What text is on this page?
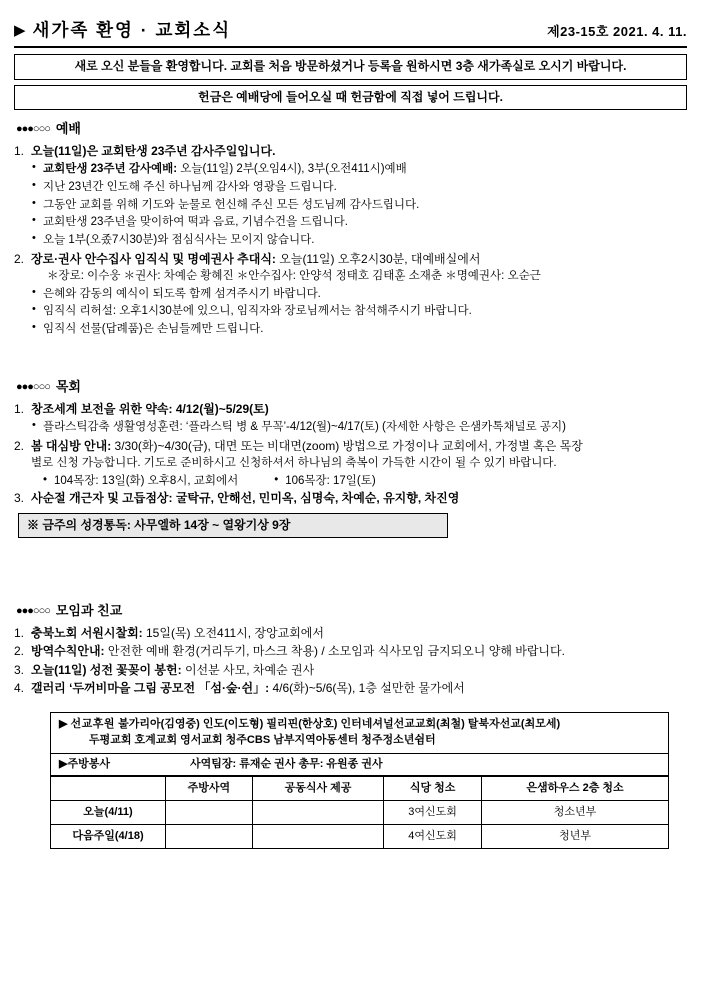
▶ 새가족 환영 · 교회소식	제23-15호 2021. 4. 11.
새로 오신 분들을 환영합니다. 교회를 처음 방문하셨거나 등록을 원하시면 3층 새가족실로 오시기 바랍니다.
헌금은 예배당에 들어오실 때 헌금함에 직접 넣어 드립니다.
●●●○○○ 예배
1. 오늘(11일)은 교회탄생 23주년 감사주일입니다.
• 교회탄생 23주년 감사예배: 오늘(11일) 2부(오임4시), 3부(오전411시)예배
• 지난 23년간 인도해 주신 하나님께 감사와 영광을 드립니다.
• 그동안 교회를 위해 기도와 눈물로 헌신해 주신 모든 성도님께 감사드립니다.
• 교회탄생 23주년을 맞이하여 떡과 음료, 기념수건을 드립니다.
• 오늘 1부(오좄7시30분)와 점심식사는 모이지 않습니다.
2. 장로·권사 안수집사 임직식 및 명예권사 추대식: 오늘(11일) 오후2시30분, 대예배실에서
＊장로: 이수웅 ＊권사: 차예순 황혜진 ＊안수집사: 안양석 정태호 김태훈 소재춘 ＊명예권사: 오순근
• 은혜와 감동의 예식이 되도록 함께 섬겨주시기 바랍니다.
• 임직식 리허설: 오후1시30분에 있으니, 임직자와 장로님께서는 참석해주시기 바랍니다.
• 임직식 선물(답례품)은 손님들께만 드립니다.
●●●○○○ 목회
1. 창조세계 보전을 위한 약속: 4/12(월)~5/29(토)
• 플라스틱감축 생활영성훈련: ‘플라스틱 병 & 무꼭’-4/12(월)~4/17(토) (자세한 사항은 은샘카톡채널로 공지)
2. 봄 대심방 안내: 3/30(화)~4/30(금), 대면 또는 비대면(zoom) 방법으로 가정이나 교회에서, 가정별 혹은 목장
별로 신청 가능합니다. 기도로 준비하시고 신청하셔서 하나님의 축복이 가득한 시간이 될 수 있기 바랍니다.
• 104목장: 13일(화) 오후8시, 교회에서	• 106목장: 17일(토)
3. 사순절 개근자 및 고듭점상: 굴탁규, 안해선, 민미옥, 심명숙, 차예순, 유지향, 차진영
※ 금주의 성경통독: 사무엘하 14장 ~ 열왕기상 9장
●●●○○○ 모임과 친교
1. 충북노회 서원시찰회: 15일(목) 오전411시, 장앙교회에서
2. 방역수칙안내: 안전한 예배 환경(거리두기, 마스크 착용) / 소모임과 식사모임 금지되오니 양해 바랍니다.
3. 오늘(11일) 성전 꽃꽂이 봉헌: 이선분 사모, 차예순 권사
4. 갤러리 ‘두꺼비마을 그림 공모전 「섬·숲·쉰」: 4/6(화)~5/6(목), 1층 설만한 물가에서
▶ 선교후원 불가리아(김영중) 인도(이도형) 필리핀(한상호) 인터네셔널선교교회(최철) 탈북자선교(최모세)
두평교회 호계교회 영서교회 청주CBS 남부지역아동센터 청주정소년쉼터
▶ 주방봉사	사역팀장: 류재순 권사 총무: 유원종 권사
	주방사역	공동식사 제공	식당 청소	은샘하우스 2층 청소
오늘(4/11)			3여신도회	청소년부
다음주일(4/18)			4여신도회	청년부
